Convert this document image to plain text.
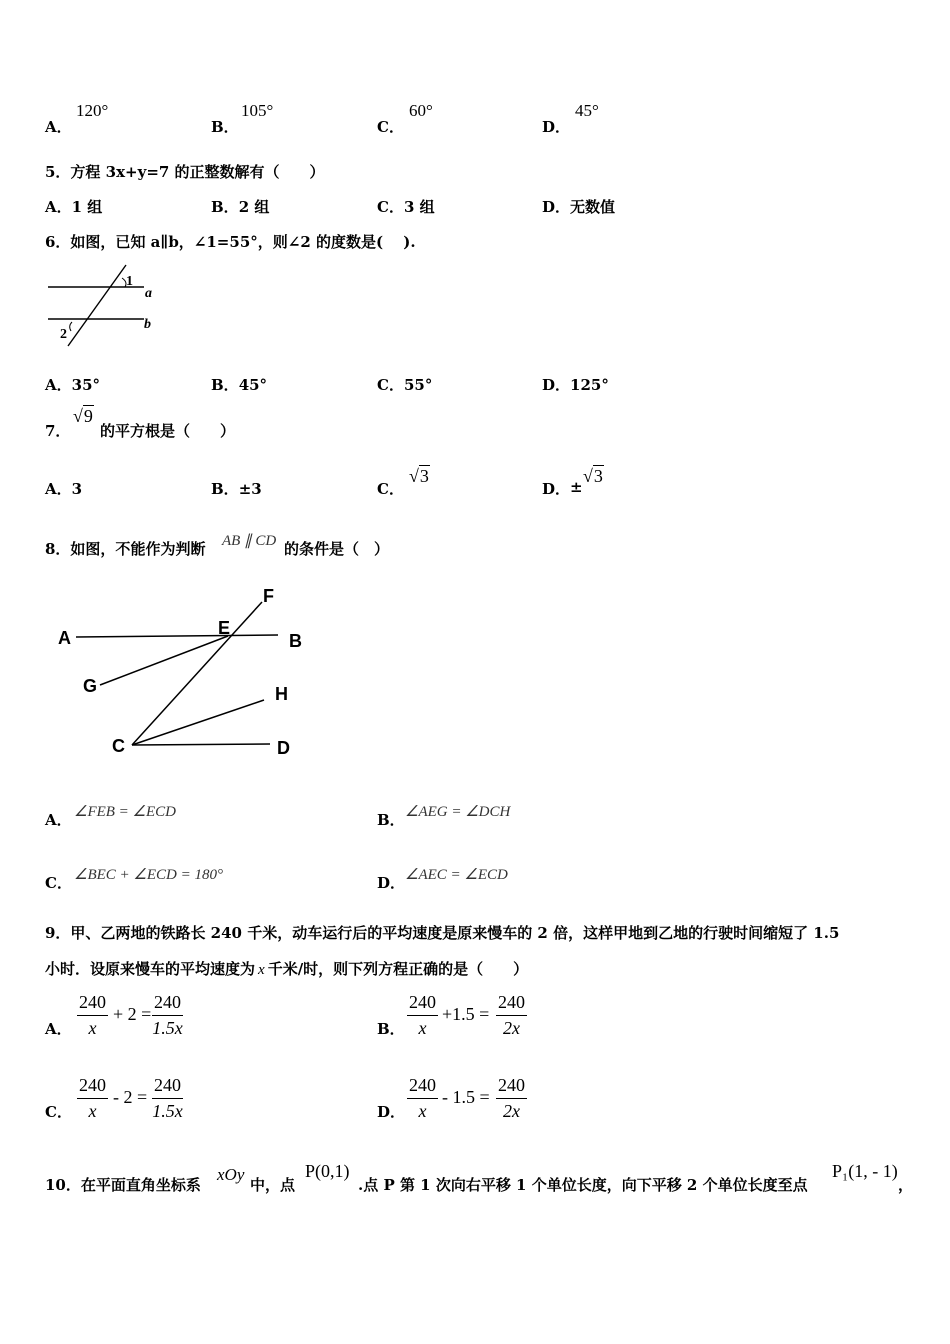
A．
120°
B．
105°
C．
60°
D．
45°
5．方程 3x+y=7 的正整数解有（　　）
A．1 组	B．2 组	C．3 组	D．无数值
6．如图，已知 a∥b，∠1=55°，则∠2 的度数是(　 ).
1
2
a
b
A．35°	B．45°	C．55°	D．125°
7．
√9
的平方根是（　　）
A．3	B．±3	C．
√3
D． ±
√3
8．如图，不能作为判断 AB ∥ CD 的条件是（　）
A	B
E
F
G	H
C	D
A． ∠FEB = ∠ECD	B． ∠AEG = ∠DCH
C． ∠BEC + ∠ECD = 180°	D． ∠AEC = ∠ECD
9．甲、乙两地的铁路长 240 千米，动车运行后的平均速度是原来慢车的 2 倍，这样甲地到乙地的行驶时间缩短了 1.5
小时．设原来慢车的平均速度为 x 千米/时，则下列方程正确的是（　　）
A． $\frac{240}{x} + 2 = \frac{240}{1.5x}$	B． $\frac{240}{x} +1.5 = \frac{240}{2x}$
C． $\frac{240}{x} - 2 = \frac{240}{1.5x}$	D． $\frac{240}{x} - 1.5 = \frac{240}{2x}$
10．在平面直角坐标系
xOy
中，点
P(0,1)
.点 P 第 1 次向右平移 1 个单位长度，向下平移 2 个单位长度至点
P₁(1, - 1)
，
